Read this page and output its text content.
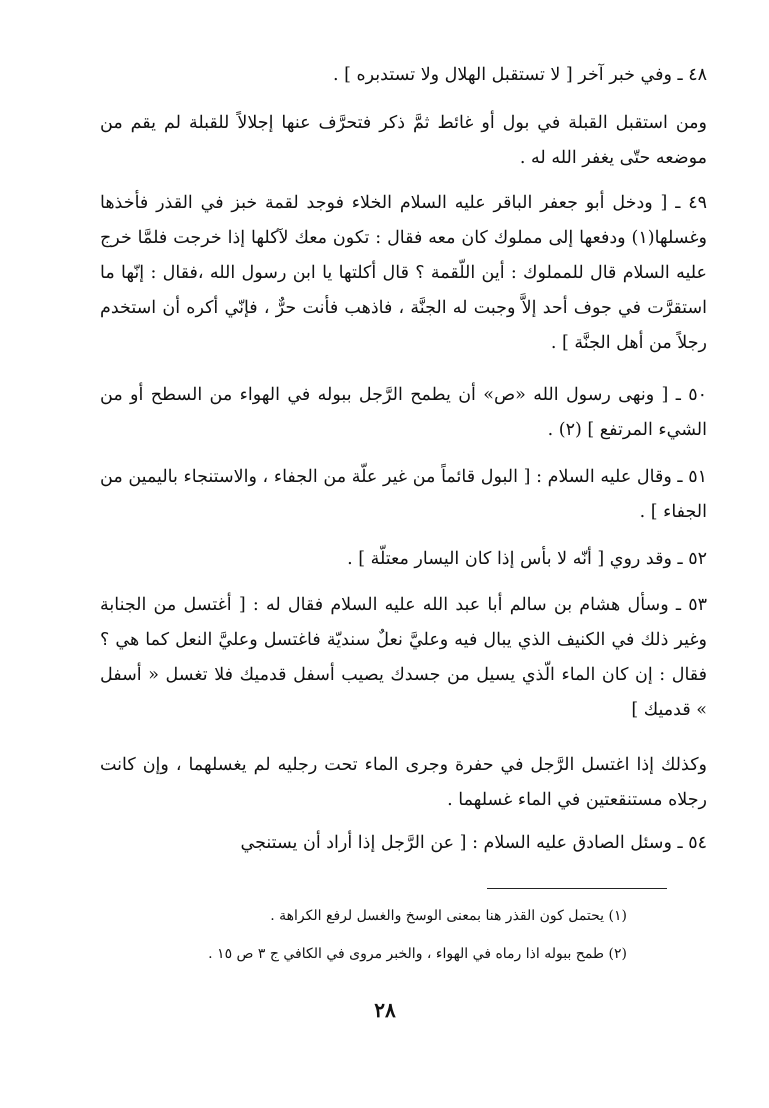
٤٨ ـ وفي خبر آخر [ لا تستقبل الهلال ولا تستدبره ] .

ومن استقبل القبلة في بول أو غائط ثمَّ ذكر فتحرَّف عنها إجلالاً للقبلة لم يقم من موضعه حتّى يغفر الله له .

٤٩ ـ [ ودخل أبو جعفر الباقر عليه السلام الخلاء فوجد لقمة خبز في القذر فأخذها وغسلها(١) ودفعها إلى مملوك كان معه فقال : تكون معك لآكلها إذا خرجت فلمَّا خرج عليه السلام قال للمملوك : أين اللّقمة ؟ قال أكلتها يا ابن رسول الله ،فقال : إنّها ما استقرَّت في جوف أحد إلاَّ وجبت له الجنَّة ، فاذهب فأنت حرٌّ ، فإنّي أكره أن استخدم رجلاً من أهل الجنَّة ] .

٥٠ ـ [ ونهى رسول الله «ص» أن يطمح الرَّجل ببوله في الهواء من السطح أو من الشيء المرتفع ] (٢) .

٥١ ـ وقال عليه السلام : [ البول قائماً من غير علّة من الجفاء ، والاستنجاء باليمين من الجفاء ] .

٥٢ ـ وقد روي [ أنّه لا بأس إذا كان اليسار معتلّة ] .

٥٣ ـ وسأل هشام بن سالم أبا عبد الله عليه السلام فقال له : [ أغتسل من الجنابة وغير ذلك في الكنيف الذي يبال فيه وعليَّ نعلٌ سنديّة فاغتسل وعليَّ النعل كما هي ؟ فقال : إن كان الماء الّذي يسيل من جسدك يصيب أسفل قدميك فلا تغسل « أسفل » قدميك ]

وكذلك إذا اغتسل الرَّجل في حفرة وجرى الماء تحت رجليه لم يغسلهما ، وإن كانت رجلاه مستنقعتين في الماء غسلهما .

٥٤ ـ وسئل الصادق عليه السلام : [ عن الرَّجل إذا أراد أن يستنجي

(١) يحتمل كون القذر هنا بمعنى الوسخ والغسل لرفع الكراهة .

(٢) طمح ببوله اذا رماه في الهواء ، والخبر مروى في الكافي ج ٣ ص ١٥ .

٢٨
